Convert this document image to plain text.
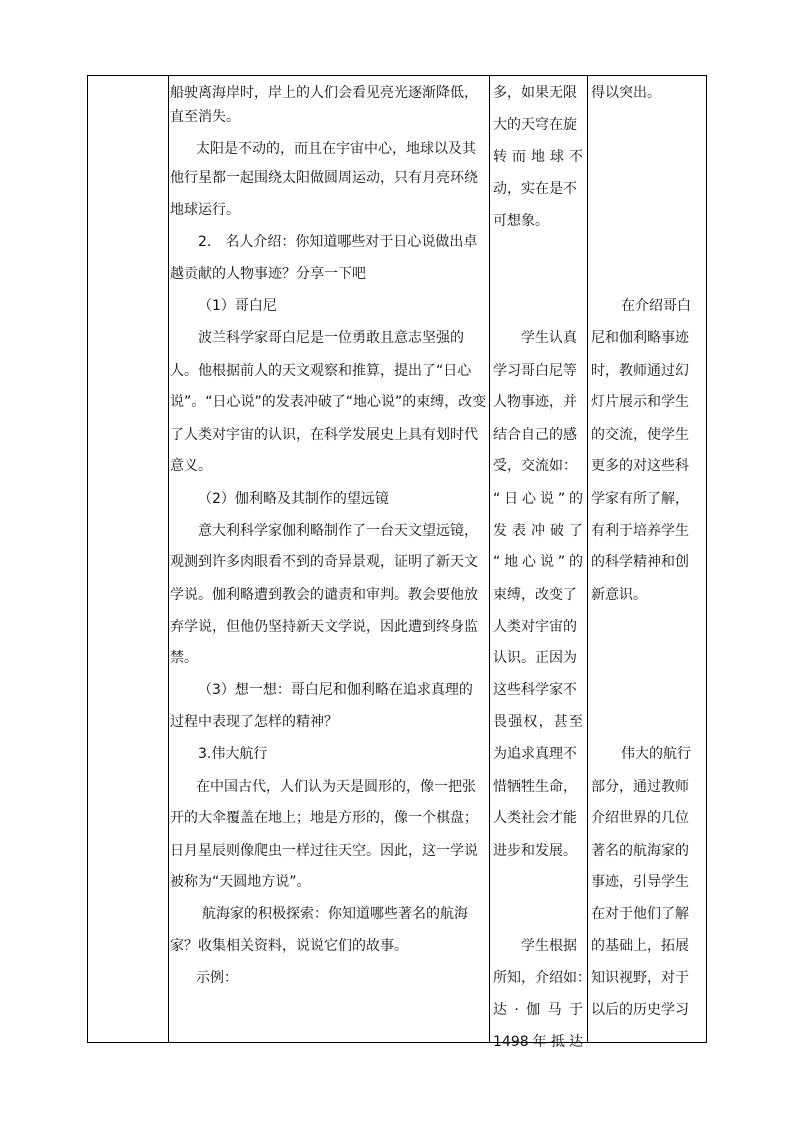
船驶离海岸时，岸上的人们会看见亮光逐渐降低，
直至消失。
太阳是不动的，而且在宇宙中心，地球以及其
他行星都一起围绕太阳做圆周运动，只有月亮环绕
地球运行。
2.　名人介绍：你知道哪些对于日心说做出卓
越贡献的人物事迹？分享一下吧
（1）哥白尼
波兰科学家哥白尼是一位勇敢且意志坚强的
人。他根据前人的天文观察和推算，提出了“日心
说”。“日心说”的发表冲破了“地心说”的束缚，改变
了人类对宇宙的认识，在科学发展史上具有划时代
意义。
（2）伽利略及其制作的望远镜
意大利科学家伽利略制作了一台天文望远镜，
观测到许多肉眼看不到的奇异景观，证明了新天文
学说。伽利略遭到教会的谴责和审判。教会要他放
弃学说，但他仍坚持新天文学说，因此遭到终身监
禁。
（3）想一想：哥白尼和伽利略在追求真理的
过程中表现了怎样的精神？
3.伟大航行
在中国古代，人们认为天是圆形的，像一把张
开的大伞覆盖在地上；地是方形的，像一个棋盘；
日月星辰则像爬虫一样过往天空。因此，这一学说
被称为“天圆地方说”。
航海家的积极探索：你知道哪些著名的航海
家？收集相关资料，说说它们的故事。
示例：
多，如果无限
大的天穹在旋
转 而 地 球 不
动，实在是不
可想象。
学生认真
学习哥白尼等
人物事迹，并
结合自己的感
受，交流如：
“ 日 心 说 ” 的
发 表 冲 破 了
“ 地 心 说 ” 的
束缚，改变了
人类对宇宙的
认识。正因为
这些科学家不
畏 强 权 ， 甚 至
为追求真理不
惜牺牲生命，
人类社会才能
进步和发展。
学生根据
所知，介绍如：
达 · 伽 马 于
1498 年 抵 达
得以突出。
在介绍哥白
尼和伽利略事迹
时，教师通过幻
灯片展示和学生
的交流，使学生
更多的对这些科
学家有所了解，
有利于培养学生
的科学精神和创
新意识。
伟大的航行
部分，通过教师
介绍世界的几位
著名的航海家的
事迹，引导学生
在对于他们了解
的基础上，拓展
知识视野，对于
以后的历史学习
